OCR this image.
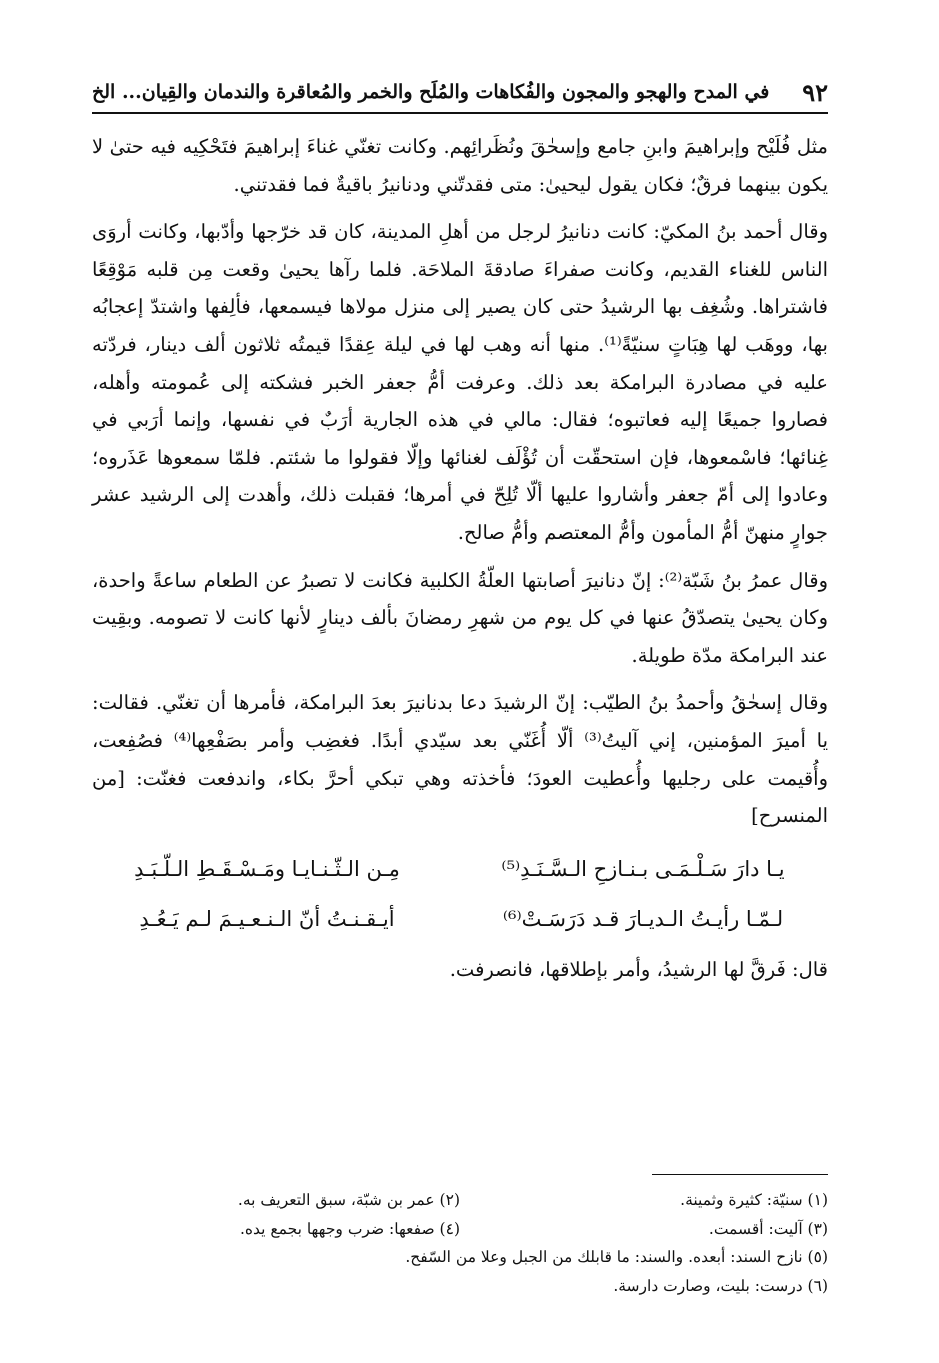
٩٢
في المدح والهجو والمجون والفُكاهات والمُلَح والخمر والمُعاقرة والندمان والقِيان... الخ

مثل فُلَيْح وإبراهيمَ وابنِ جامع وإسحٰقَ ونُظَرائِهم. وكانت تغنّي غناءَ إبراهيمَ فتَحْكِيه فيه حتىٰ لا يكون بينهما فرقٌ؛ فكان يقول ليحيىٰ: متى فقدتّني ودنانيرُ باقيةٌ فما فقدتني.

وقال أحمد بنُ المكيّ: كانت دنانيرُ لرجل من أهلِ المدينة، كان قد خرّجها وأدّبها، وكانت أروَى الناس للغناء القديم، وكانت صفراءَ صادقةَ الملاحَة. فلما رآها يحيىٰ وقعت مِن قلبه مَوْقِعًا فاشتراها. وشُغِف بها الرشيدُ حتى كان يصير إلى منزل مولاها فيسمعها، فألِفها واشتدّ إعجابُه بها، ووهَب لها هِبَاتٍ سنيّةً⁽¹⁾. منها أنه وهب لها في ليلة عِقدًا قيمتُه ثلاثون ألف دينار، فردّته عليه في مصادرة البرامكة بعد ذلك. وعرفت أمُّ جعفر الخبر فشكته إلى عُمومته وأهله، فصاروا جميعًا إليه فعاتبوه؛ فقال: مالي في هذه الجارية أرَبٌ في نفسها، وإنما أرَبي في غِنائها؛ فاسْمعوها، فإن استحقّت أن تُؤْلَف لغنائها وإلّا فقولوا ما شئتم. فلمّا سمعوها عَذَروه؛ وعادوا إلى أمّ جعفر وأشاروا عليها ألّا تُلِحّ في أمرها؛ فقبلت ذلك، وأهدت إلى الرشيد عشر جوارٍ منهنّ أمُّ المأمون وأمُّ المعتصم وأمُّ صالح.

وقال عمرُ بنُ شَبّة⁽²⁾: إنّ دنانيرَ أصابتها العلّةُ الكلبية فكانت لا تصبرُ عن الطعام ساعةً واحدة، وكان يحيىٰ يتصدّقُ عنها في كل يوم من شهرِ رمضانَ بألف دينارٍ لأنها كانت لا تصومه. وبقِيت عند البرامكة مدّة طويلة.

وقال إسحٰقُ وأحمدُ بنُ الطيّب: إنّ الرشيدَ دعا بدنانيرَ بعدَ البرامكة، فأمرها أن تغنّي. فقالت: يا أميرَ المؤمنين، إني آليتُ⁽³⁾ ألّا أُغَنّي بعد سيّدي أبدًا. فغضِب وأمر بصَفْعِها⁽⁴⁾ فصُفِعت، وأُقيمت على رجليها وأُعطيت العودَ؛ فأخذته وهي تبكي أحرَّ بكاء، واندفعت فغنّت: [من المنسرح]

يـا دارَ سَـلْـمَـى بـنـازحِ الـسَّـنَـدِ⁽⁵⁾
مِـن الـثّـنـايـا ومَـسْـقَـطِ الـلّـبَـدِ
لـمّـا رأيـتُ الـديـارَ قـد دَرَسَـتْ⁽⁶⁾
أيـقـنـتُ أنّ الـنـعـيـمَ لـم يَـعُـدِ

قال: فَرقَّ لها الرشيدُ، وأمر بإطلاقها، فانصرفت.

(١) سنيّة: كثيرة وثمينة.
(٢) عمر بن شبّة، سبق التعريف به.
(٣) آليت: أقسمت.
(٤) صفعها: ضرب وجهها بجمع يده.
(٥) نازح السند: أبعده. والسند: ما قابلك من الجبل وعلا من السّفح.
(٦) درست: بليت، وصارت دارسة.
